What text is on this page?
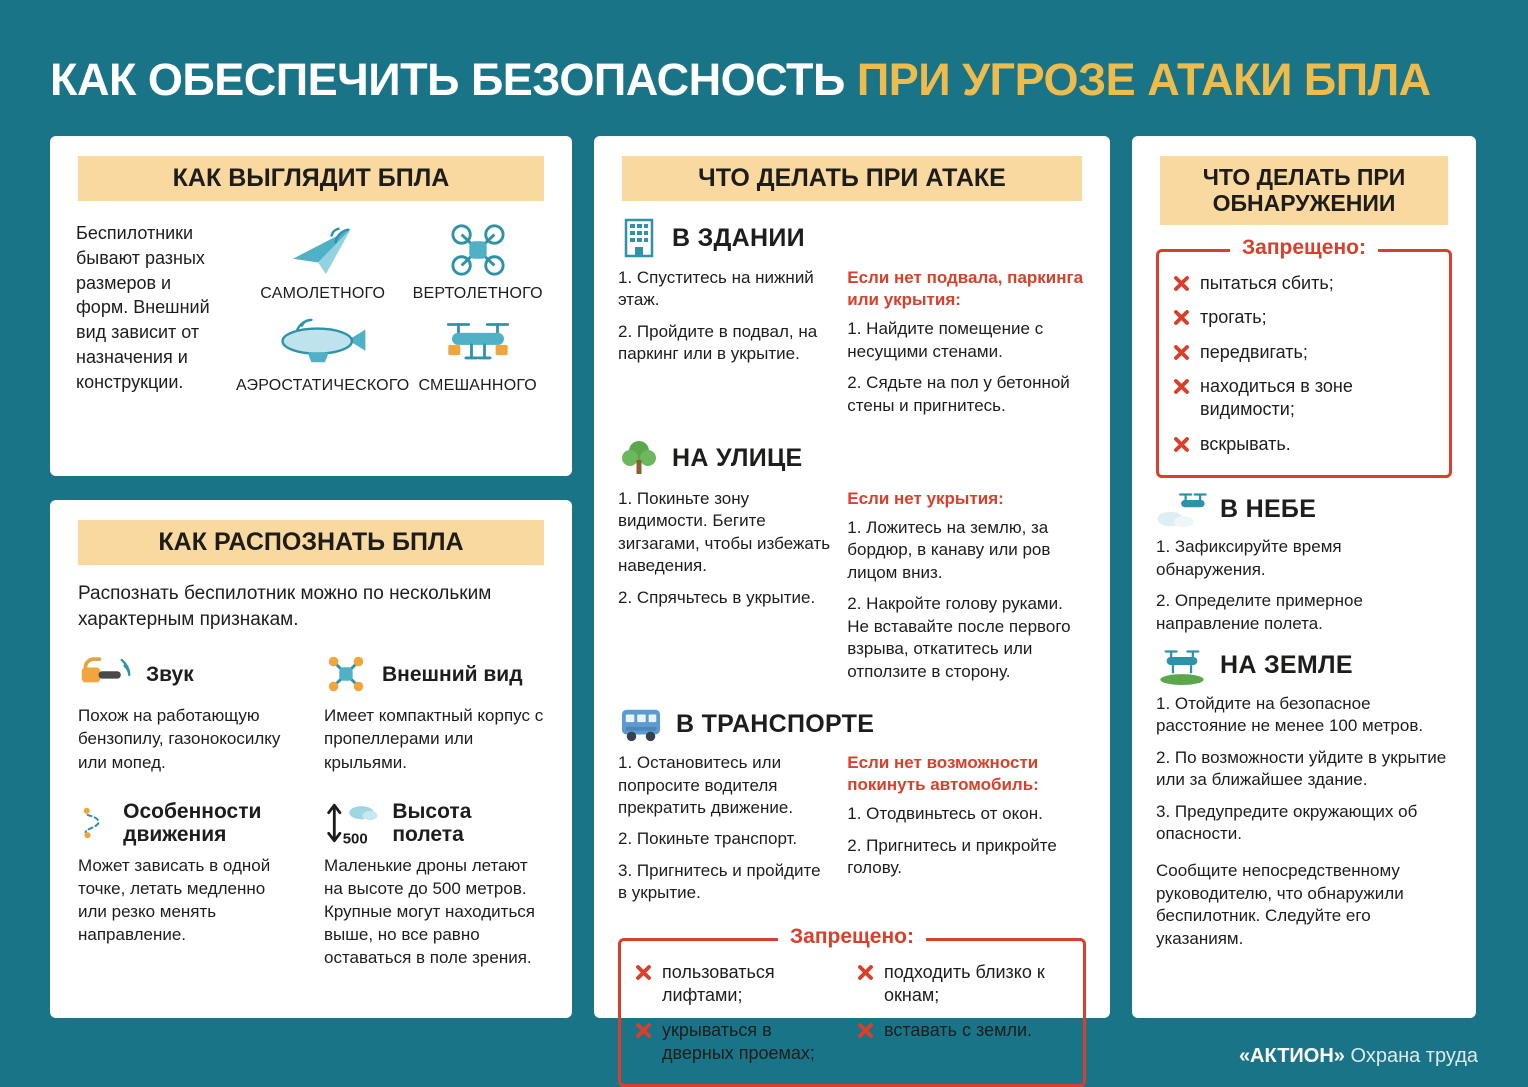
КАК ОБЕСПЕЧИТЬ БЕЗОПАСНОСТЬ ПРИ УГРОЗЕ АТАКИ БПЛА
КАК ВЫГЛЯДИТ БПЛА

Беспилотники бывают разных размеров и форм. Внешний вид зависит от назначения и конструкции.

САМОЛЕТНОГО ВЕРТОЛЕТНОГО
АЭРОСТАТИЧЕСКОГО СМЕШАННОГО
КАК РАСПОЗНАТЬ БПЛА

Распознать беспилотник можно по нескольким характерным признакам.

Звук

Похож на работающую бензопилу, газонокосилку или мопед.

Внешний вид

Имеет компактный корпус с пропеллерами или крыльями.

Особенности движения

Может зависать в одной точке, летать медленно или резко менять направление.

500
Высота полета

Маленькие дроны летают на высоте до 500 метров. Крупные могут находиться выше, но все равно оставаться в поле зрения.

ЧТО ДЕЛАТЬ ПРИ АТАКЕ
В ЗДАНИИ

1. Спуститесь на нижний этаж.

2. Пройдите в подвал, на паркинг или в укрытие.

Если нет подвала, паркинга или укрытия:

1. Найдите помещение с несущими стенами.

2. Сядьте на пол у бетонной стены и пригнитесь.

НА УЛИЦЕ

1. Покиньте зону видимости. Бегите зигзагами, чтобы избежать наведения.

2. Спрячьтесь в укрытие.

Если нет укрытия:

1. Ложитесь на землю, за бордюр, в канаву или ров лицом вниз.

2. Накройте голову руками. Не вставайте после первого взрыва, откатитесь или отползите в сторону.

В ТРАНСПОРТЕ

1. Остановитесь или попросите водителя прекратить движение.

2. Покиньте транспорт.

3. Пригнитесь и пройдите в укрытие.

Если нет возможности покинуть автомобиль:

1. Отодвиньтесь от окон.

2. Пригнитесь и прикройте голову.

Запрещено:
пользоваться лифтами;
укрываться в дверных проемах;
подходить близко к окнам;
вставать с земли.
ЧТО ДЕЛАТЬ ПРИ ОБНАРУЖЕНИИ
Запрещено:
пытаться сбить;
трогать;
передвигать;
находиться в зоне видимости;
вскрывать.
В НЕБЕ

1. Зафиксируйте время обнаружения.

2. Определите примерное направление полета.

НА ЗЕМЛЕ

1. Отойдите на безопасное расстояние не менее 100 метров.

2. По возможности уйдите в укрытие или за ближайшее здание.

3. Предупредите окружающих об опасности.

Сообщите непосредственному руководителю, что обнаружили беспилотник. Следуйте его указаниям.

«АКТИОН» Охрана труда
